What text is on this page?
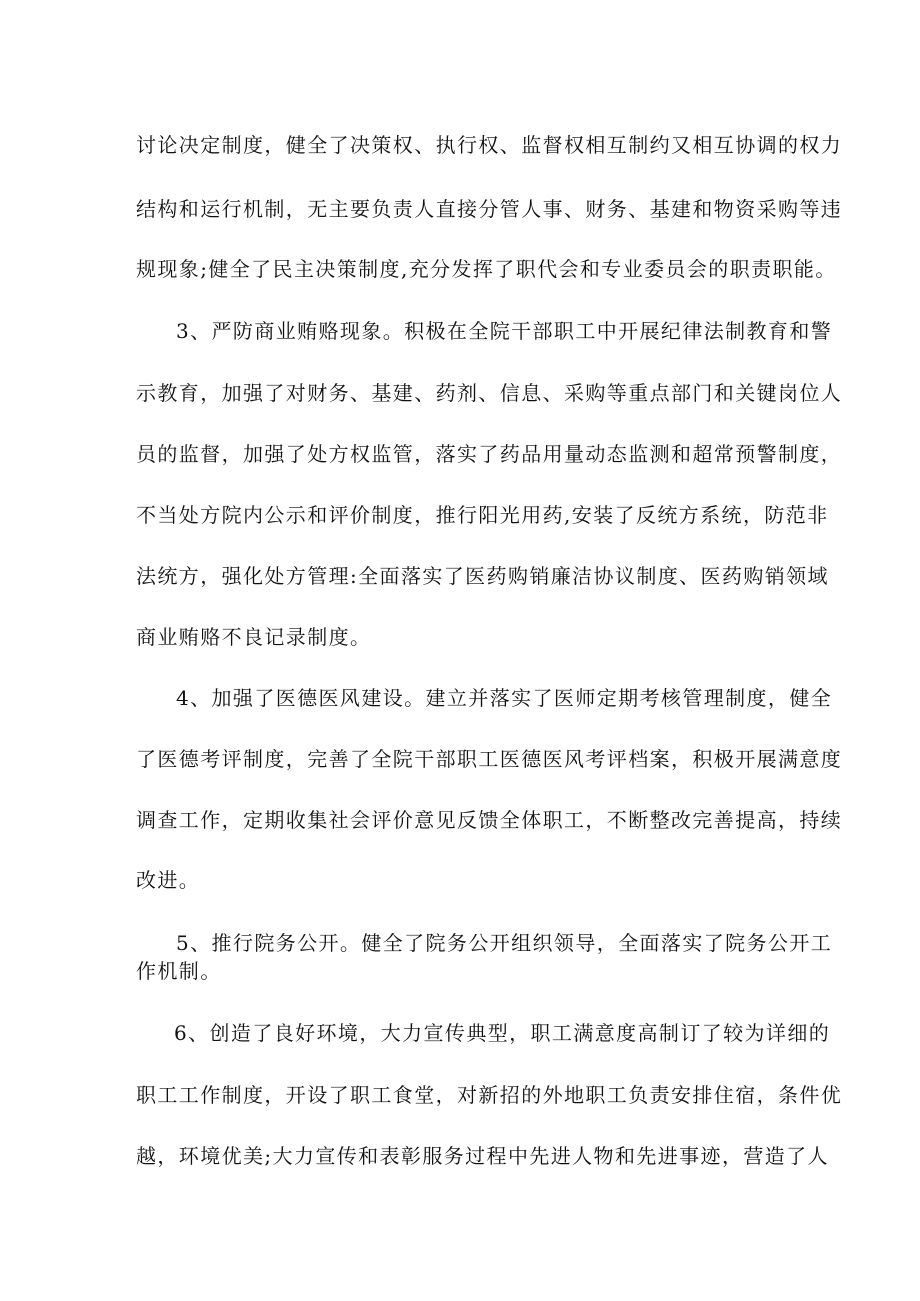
讨论决定制度，健全了决策权、执行权、监督权相互制约又相互协调的权力
结构和运行机制，无主要负责人直接分管人事、财务、基建和物资采购等违
规现象;健全了民主决策制度,充分发挥了职代会和专业委员会的职责职能。
3、严防商业贿赂现象。积极在全院干部职工中开展纪律法制教育和警
示教育，加强了对财务、基建、药剂、信息、采购等重点部门和关键岗位人
员的监督，加强了处方权监管，落实了药品用量动态监测和超常预警制度，
不当处方院内公示和评价制度，推行阳光用药,安装了反统方系统，防范非
法统方，强化处方管理:全面落实了医药购销廉洁协议制度、医药购销领域
商业贿赂不良记录制度。
4、加强了医德医风建设。建立并落实了医师定期考核管理制度，健全
了医德考评制度，完善了全院干部职工医德医风考评档案，积极开展满意度
调查工作，定期收集社会评价意见反馈全体职工，不断整改完善提高，持续
改进。
5、推行院务公开。健全了院务公开组织领导，全面落实了院务公开工
作机制。
6、创造了良好环境，大力宣传典型，职工满意度高制订了较为详细的
职工工作制度，开设了职工食堂，对新招的外地职工负责安排住宿，条件优
越，环境优美;大力宣传和表彰服务过程中先进人物和先进事迹，营造了人
